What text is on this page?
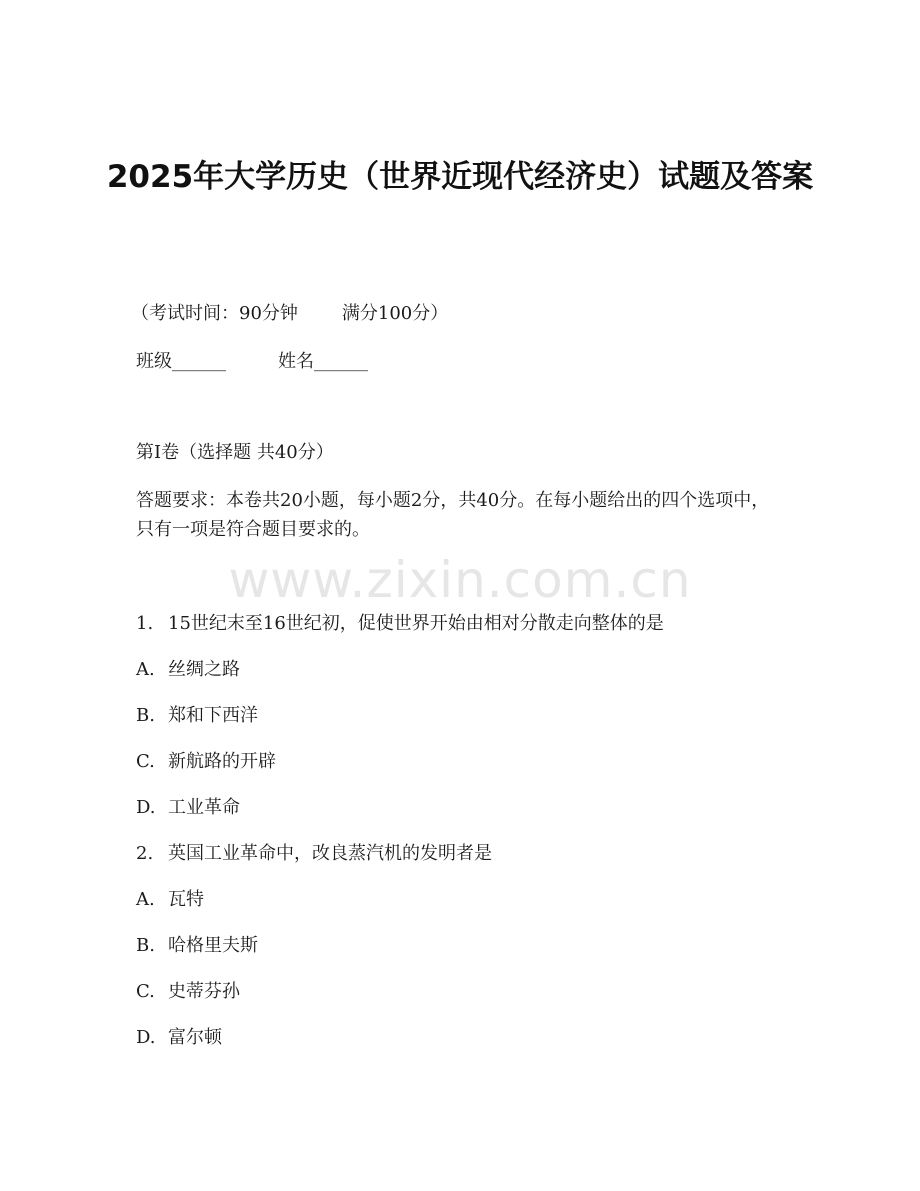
2025年大学历史（世界近现代经济史）试题及答案
（考试时间：90分钟 满分100分）
班级______	姓名______
第Ⅰ卷（选择题 共40分）
答题要求：本卷共20小题，每小题2分，共40分。在每小题给出的四个选项中，只有一项是符合题目要求的。
www.zixin.com.cn
1. 15世纪末至16世纪初，促使世界开始由相对分散走向整体的是
A. 丝绸之路
B. 郑和下西洋
C. 新航路的开辟
D. 工业革命
2. 英国工业革命中，改良蒸汽机的发明者是
A. 瓦特
B. 哈格里夫斯
C. 史蒂芬孙
D. 富尔顿
